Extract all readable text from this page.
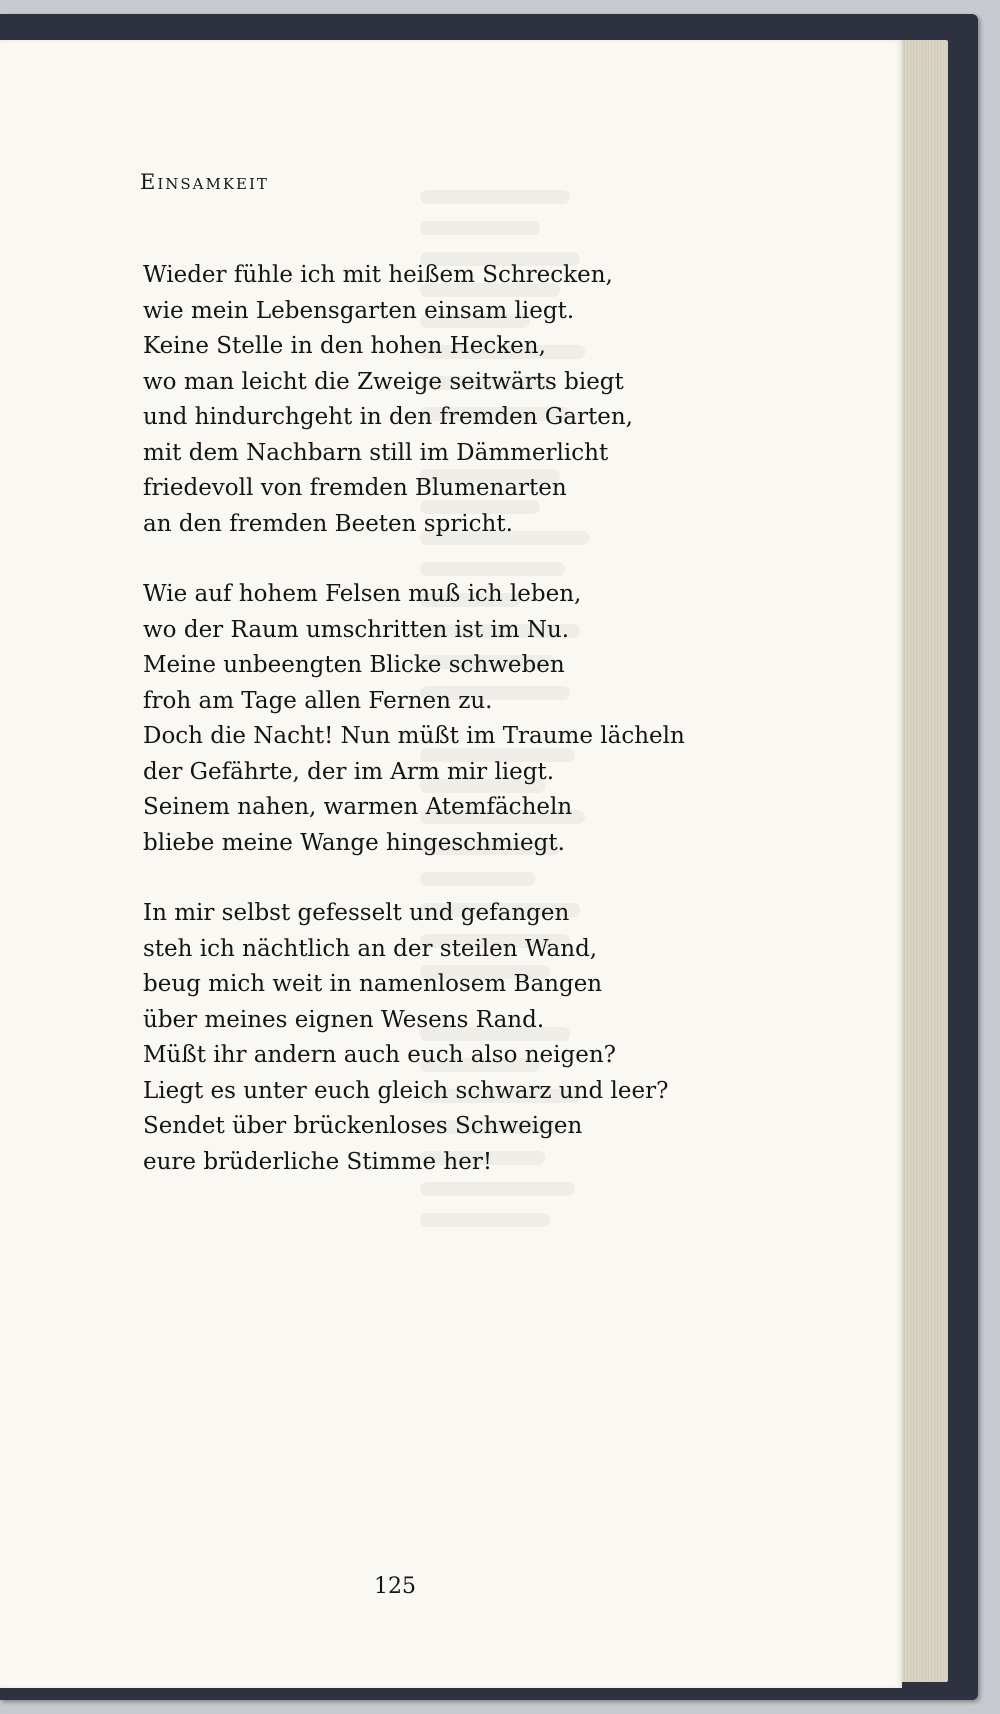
Einsamkeit
Wieder fühle ich mit heißem Schrecken,
wie mein Lebensgarten einsam liegt.
Keine Stelle in den hohen Hecken,
wo man leicht die Zweige seitwärts biegt
und hindurchgeht in den fremden Garten,
mit dem Nachbarn still im Dämmerlicht
friedevoll von fremden Blumenarten
an den fremden Beeten spricht.
Wie auf hohem Felsen muß ich leben,
wo der Raum umschritten ist im Nu.
Meine unbeengten Blicke schweben
froh am Tage allen Fernen zu.
Doch die Nacht! Nun müßt im Traume lächeln
der Gefährte, der im Arm mir liegt.
Seinem nahen, warmen Atemfächeln
bliebe meine Wange hingeschmiegt.
In mir selbst gefesselt und gefangen
steh ich nächtlich an der steilen Wand,
beug mich weit in namenlosem Bangen
über meines eignen Wesens Rand.
Müßt ihr andern auch euch also neigen?
Liegt es unter euch gleich schwarz und leer?
Sendet über brückenloses Schweigen
eure brüderliche Stimme her!
125
